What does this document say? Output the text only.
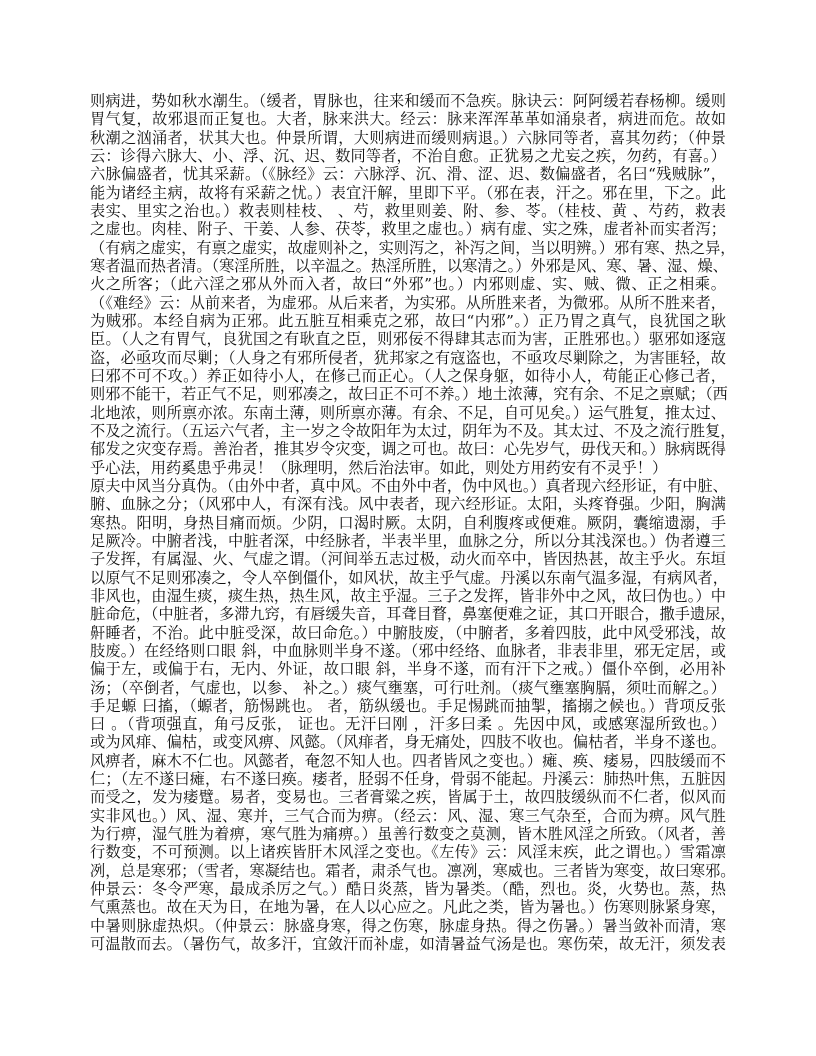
则病进，势如秋水潮生。（缓者，胃脉也，往来和缓而不急疾。脉诀云：阿阿缓若春杨柳。缓则
胃气复，故邪退而正复也。大者，脉来洪大。经云：脉来浑浑革革如涌泉者，病进而危。故如
秋潮之汹涌者，状其大也。仲景所谓，大则病进而缓则病退。）六脉同等者，喜其勿药；（仲景
云：诊得六脉大、小、浮、沉、迟、数同等者，不治自愈。正犹易之尤妄之疾，勿药，有喜。）
六脉偏盛者，忧其采薪。（《脉经》云：六脉浮、沉、滑、涩、迟、数偏盛者，名曰“残贼脉”，
能为诸经主病，故将有采薪之忧。）表宜汗解，里即下平。（邪在表，汗之。邪在里，下之。此
表实、里实之治也。）救表则桂枝、 、芍，救里则姜、附、参、苓。（桂枝、黄 、芍药，救表
之虚也。肉桂、附子、干姜、人参、茯苓，救里之虚也。）病有虚、实之殊，虚者补而实者泻；
（有病之虚实，有禀之虚实，故虚则补之，实则泻之，补泻之间，当以明辨。）邪有寒、热之异，
寒者温而热者清。（寒淫所胜，以辛温之。热淫所胜，以寒清之。）外邪是风、寒、暑、湿、燥、
火之所客；（此六淫之邪从外而入者，故曰“外邪”也。）内邪则虚、实、贼、微、正之相乘。
（《难经》云：从前来者，为虚邪。从后来者，为实邪。从所胜来者，为微邪。从所不胜来者，
为贼邪。本经自病为正邪。此五脏互相乘克之邪，故曰“内邪”。）正乃胃之真气，良犹国之耿
臣。（人之有胃气，良犹国之有耿直之臣，则邪佞不得肆其志而为害，正胜邪也。）驱邪如逐寇
盗，必亟攻而尽剿；（人身之有邪所侵者，犹邦家之有寇盗也，不亟攻尽剿除之，为害匪轻，故
曰邪不可不攻。）养正如待小人，在修己而正心。（人之保身躯，如待小人，苟能正心修己者，
则邪不能干，若正气不足，则邪凑之，故曰正不可不养。）地土浓薄，究有余、不足之禀赋；（西
北地浓，则所禀亦浓。东南土薄，则所禀亦薄。有余、不足，自可见矣。）运气胜复，推太过、
不及之流行。（五运六气者，主一岁之令故阳年为太过，阴年为不及。其太过、不及之流行胜复，
郁发之灾变存焉。善治者，推其岁令灾变，调之可也。故曰：心先岁气，毋伐天和。）脉病既得
乎心法，用药奚患乎弗灵！（脉理明，然后治法审。如此，则处方用药安有不灵乎！）
原夫中风当分真伪。（由外中者，真中风。不由外中者，伪中风也。）真者现六经形证，有中脏、
腑、血脉之分；（风邪中人，有深有浅。风中表者，现六经形证。太阳，头疼脊强。少阳，胸满
寒热。阳明，身热目痛而烦。少阴，口渴时厥。太阴，自利腹疼或便难。厥阴，囊缩遗溺，手
足厥冷。中腑者浅，中脏者深，中经脉者，半表半里，血脉之分，所以分其浅深也。）伪者遵三
子发挥，有属湿、火、气虚之谓。（河间举五志过极，动火而卒中，皆因热甚，故主乎火。东垣
以原气不足则邪凑之，令人卒倒僵仆，如风状，故主乎气虚。丹溪以东南气温多湿，有病风者，
非风也，由湿生痰，痰生热，热生风，故主乎湿。三子之发挥，皆非外中之风，故曰伪也。）中
脏命危，（中脏者，多滞九窍，有唇缓失音，耳聋目瞀，鼻塞便难之证，其口开眼合，撒手遗尿，
鼾睡者，不治。此中脏受深，故曰命危。）中腑肢废，（中腑者，多着四肢，此中风受邪浅，故
肢废。）在经络则口眼 斜，中血脉则半身不遂。（邪中经络、血脉者，非表非里，邪无定居，或
偏于左，或偏于右，无内、外证，故口眼 斜，半身不遂，而有汗下之戒。）僵仆卒倒，必用补
汤；（卒倒者，气虚也，以参、 补之。）痰气壅塞，可行吐剂。（痰气壅塞胸膈，须吐而解之。）
手足螈 曰搐，（螈者，筋惕跳也。 者，筋纵缓也。手足惕跳而抽掣，搐搦之候也。）背项反张
曰 。（背项强直，角弓反张， 证也。无汗曰刚 ，汗多曰柔 。先因中风，或感寒湿所致也。）
或为风痱、偏枯，或变风痹、风懿。（风痱者，身无痛处，四肢不收也。偏枯者，半身不遂也。
风痹者，麻木不仁也。风懿者，奄忽不知人也。四者皆风之变也。）瘫、痪、痿易，四肢缓而不
仁；（左不遂曰瘫，右不遂曰痪。痿者，胫弱不任身，骨弱不能起。丹溪云：肺热叶焦，五脏因
而受之，发为痿躄。易者，变易也。三者膏粱之疾，皆属于土，故四肢缓纵而不仁者，似风而
实非风也。）风、湿、寒并，三气合而为痹。（经云：风、湿、寒三气杂至，合而为痹。风气胜
为行痹，湿气胜为着痹，寒气胜为痛痹。）虽善行数变之莫测，皆木胜风淫之所致。（风者，善
行数变，不可预测。以上诸疾皆肝木风淫之变也。《左传》云：风淫末疾，此之谓也。）雪霜凛
冽，总是寒邪；（雪者，寒凝结也。霜者，肃杀气也。凛冽，寒威也。三者皆为寒变，故曰寒邪。
仲景云：冬令严寒，最成杀厉之气。）酷日炎蒸，皆为暑类。（酷，烈也。炎，火势也。蒸，热
气熏蒸也。故在天为日，在地为暑，在人以心应之。凡此之类，皆为暑也。）伤寒则脉紧身寒，
中暑则脉虚热炽。（仲景云：脉盛身寒，得之伤寒，脉虚身热。得之伤暑。）暑当敛补而清，寒
可温散而去。（暑伤气，故多汗，宜敛汗而补虚，如清暑益气汤是也。寒伤荣，故无汗，须发表
